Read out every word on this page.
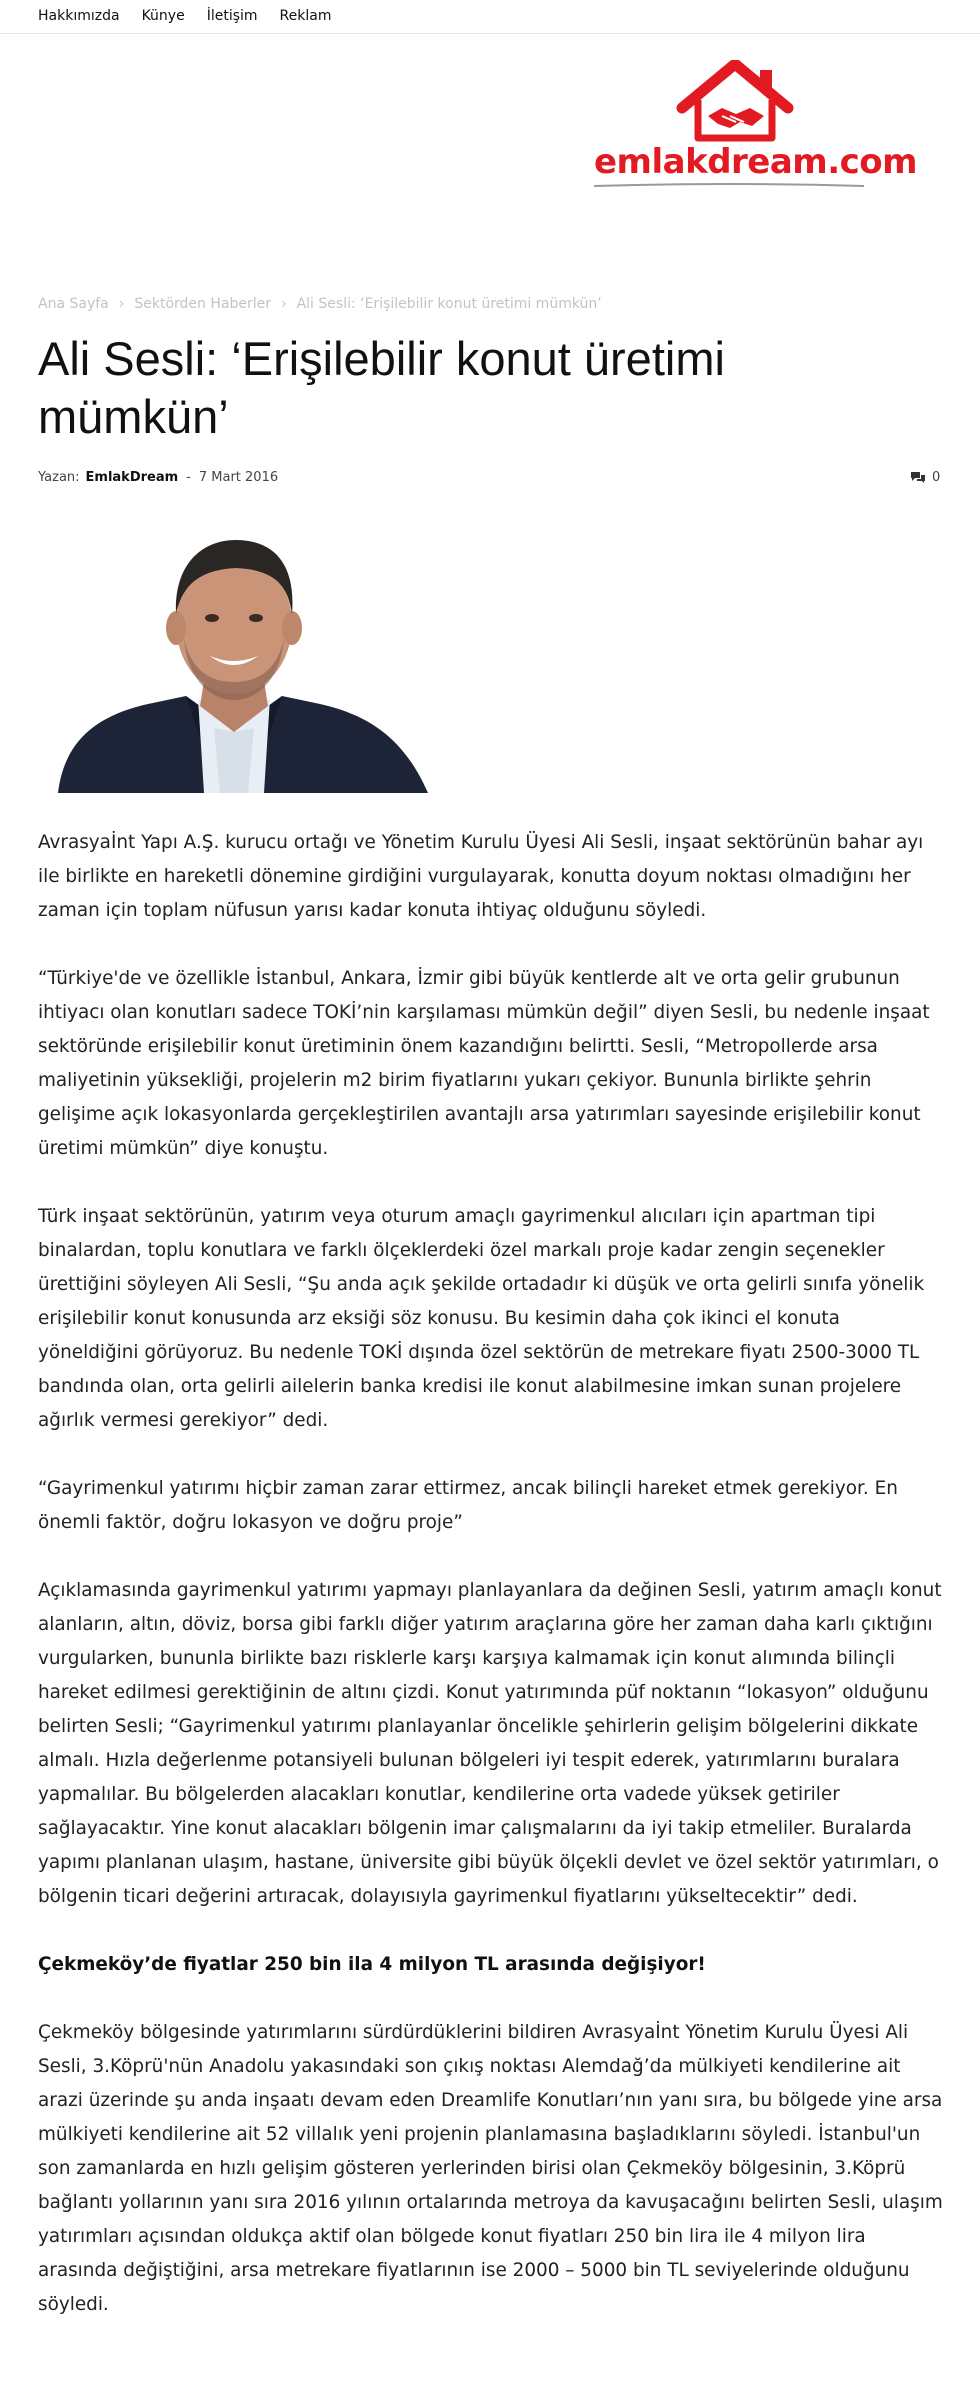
Hakkımızda Künye İletişim Reklam
emlakdream.com
Ana Sayfa › Sektörden Haberler › Ali Sesli: ‘Erişilebilir konut üretimi mümkün’
Ali Sesli: ‘Erişilebilir konut üretimi mümkün’
Yazan: EmlakDream - 7 Mart 2016	0

Avrasyaİnt Yapı A.Ş. kurucu ortağı ve Yönetim Kurulu Üyesi Ali Sesli, inşaat sektörünün bahar ayı ile birlikte en hareketli dönemine girdiğini vurgulayarak, konutta doyum noktası olmadığını her zaman için toplam nüfusun yarısı kadar konuta ihtiyaç olduğunu söyledi.

“Türkiye'de ve özellikle İstanbul, Ankara, İzmir gibi büyük kentlerde alt ve orta gelir grubunun ihtiyacı olan konutları sadece TOKİ’nin karşılaması mümkün değil” diyen Sesli, bu nedenle inşaat sektöründe erişilebilir konut üretiminin önem kazandığını belirtti. Sesli, “Metropollerde arsa maliyetinin yüksekliği, projelerin m2 birim fiyatlarını yukarı çekiyor. Bununla birlikte şehrin gelişime açık lokasyonlarda gerçekleştirilen avantajlı arsa yatırımları sayesinde erişilebilir konut üretimi mümkün” diye konuştu.

Türk inşaat sektörünün, yatırım veya oturum amaçlı gayrimenkul alıcıları için apartman tipi binalardan, toplu konutlara ve farklı ölçeklerdeki özel markalı proje kadar zengin seçenekler ürettiğini söyleyen Ali Sesli, “Şu anda açık şekilde ortadadır ki düşük ve orta gelirli sınıfa yönelik erişilebilir konut konusunda arz eksiği söz konusu. Bu kesimin daha çok ikinci el konuta yöneldiğini görüyoruz. Bu nedenle TOKİ dışında özel sektörün de metrekare fiyatı 2500-3000 TL bandında olan, orta gelirli ailelerin banka kredisi ile konut alabilmesine imkan sunan projelere ağırlık vermesi gerekiyor” dedi.

“Gayrimenkul yatırımı hiçbir zaman zarar ettirmez, ancak bilinçli hareket etmek gerekiyor. En önemli faktör, doğru lokasyon ve doğru proje”

Açıklamasında gayrimenkul yatırımı yapmayı planlayanlara da değinen Sesli, yatırım amaçlı konut alanların, altın, döviz, borsa gibi farklı diğer yatırım araçlarına göre her zaman daha karlı çıktığını vurgularken, bununla birlikte bazı risklerle karşı karşıya kalmamak için konut alımında bilinçli hareket edilmesi gerektiğinin de altını çizdi. Konut yatırımında püf noktanın “lokasyon” olduğunu belirten Sesli; “Gayrimenkul yatırımı planlayanlar öncelikle şehirlerin gelişim bölgelerini dikkate almalı. Hızla değerlenme potansiyeli bulunan bölgeleri iyi tespit ederek, yatırımlarını buralara yapmalılar. Bu bölgelerden alacakları konutlar, kendilerine orta vadede yüksek getiriler sağlayacaktır. Yine konut alacakları bölgenin imar çalışmalarını da iyi takip etmeliler. Buralarda yapımı planlanan ulaşım, hastane, üniversite gibi büyük ölçekli devlet ve özel sektör yatırımları, o bölgenin ticari değerini artıracak, dolayısıyla gayrimenkul fiyatlarını yükseltecektir” dedi.

Çekmeköy’de fiyatlar 250 bin ila 4 milyon TL arasında değişiyor!

Çekmeköy bölgesinde yatırımlarını sürdürdüklerini bildiren Avrasyaİnt Yönetim Kurulu Üyesi Ali Sesli, 3.Köprü'nün Anadolu yakasındaki son çıkış noktası Alemdağ’da mülkiyeti kendilerine ait arazi üzerinde şu anda inşaatı devam eden Dreamlife Konutları’nın yanı sıra, bu bölgede yine arsa mülkiyeti kendilerine ait 52 villalık yeni projenin planlamasına başladıklarını söyledi. İstanbul'un son zamanlarda en hızlı gelişim gösteren yerlerinden birisi olan Çekmeköy bölgesinin, 3.Köprü bağlantı yollarının yanı sıra 2016 yılının ortalarında metroya da kavuşacağını belirten Sesli, ulaşım yatırımları açısından oldukça aktif olan bölgede konut fiyatları 250 bin lira ile 4 milyon lira arasında değiştiğini, arsa metrekare fiyatlarının ise 2000 – 5000 bin TL seviyelerinde olduğunu söyledi.
